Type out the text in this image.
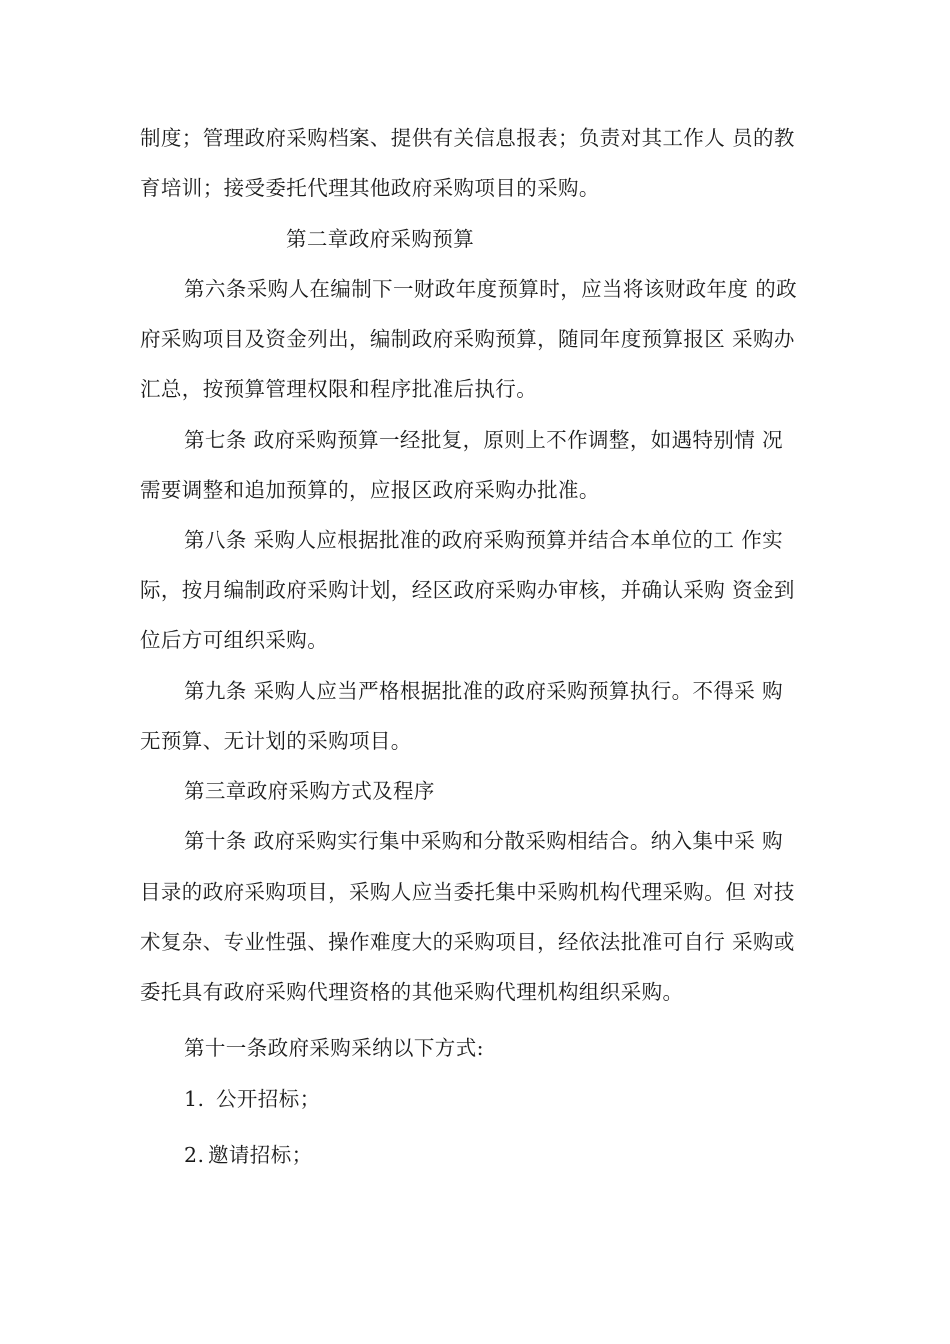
制度；管理政府采购档案、提供有关信息报表；负责对其工作人 员的教
育培训；接受委托代理其他政府采购项目的采购。
第二章政府采购预算
第六条采购人在编制下一财政年度预算时，应当将该财政年度 的政
府采购项目及资金列出，编制政府采购预算，随同年度预算报区 采购办
汇总，按预算管理权限和程序批准后执行。
第七条 政府采购预算一经批复，原则上不作调整，如遇特别情 况
需要调整和追加预算的，应报区政府采购办批准。
第八条 采购人应根据批准的政府采购预算并结合本单位的工 作实
际，按月编制政府采购计划，经区政府采购办审核，并确认采购 资金到
位后方可组织采购。
第九条 采购人应当严格根据批准的政府采购预算执行。不得采 购
无预算、无计划的采购项目。
第三章政府采购方式及程序
第十条 政府采购实行集中采购和分散采购相结合。纳入集中采 购
目录的政府采购项目，采购人应当委托集中采购机构代理采购。但 对技
术复杂、专业性强、操作难度大的采购项目，经依法批准可自行 采购或
委托具有政府采购代理资格的其他采购代理机构组织采购。
第十一条政府采购采纳以下方式:
1. 公开招标；
2. 邀请招标；
